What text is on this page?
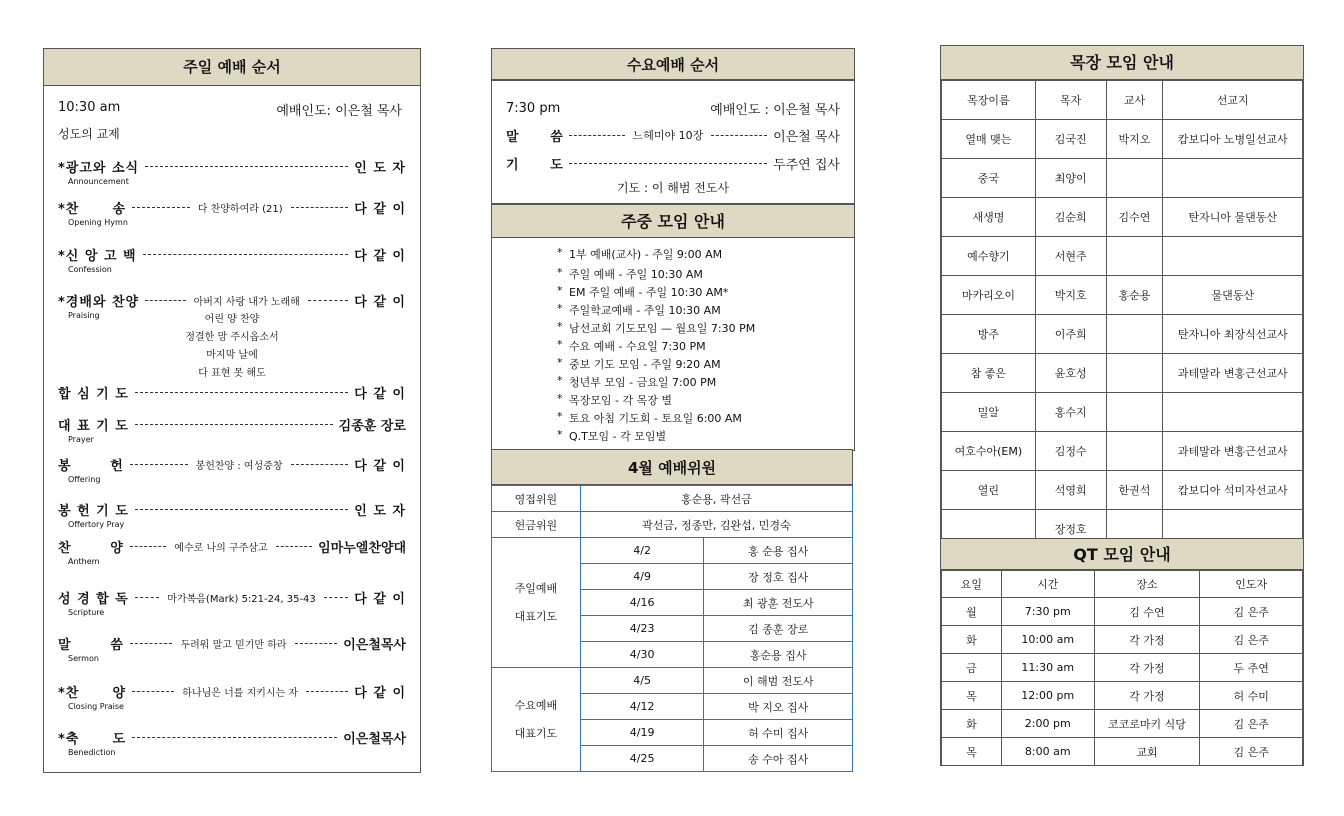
주일 예배 순서
10:30 am	예배인도: 이은철 목사
성도의 교제
*광고와 소식	인 도 자
Announcement
*찬      송	다 찬양하여라 (21)	다 같 이
Opening Hymn
*신 앙 고 백	다 같 이
Confession
*경배와 찬양	아버지 사랑 내가 노래해	다 같 이
Praising
합 심 기 도	다 같 이
대 표 기 도	김종훈 장로
Prayer
봉       헌	봉헌찬양 : 여성중창	다 같 이
Offering
봉 헌 기 도	인 도 자
Offertory Pray
찬       양	예수로 나의 구주삼고	임마누엘찬양대
Anthem
성 경 합 독	마가복음(Mark) 5:21-24, 35-43	다 같 이
Scripture
말       씀	두려워 말고 믿기만 하라	이은철목사
Sermon
*찬      양	하나님은 너를 지키시는 자	다 같 이
Closing Praise
*축      도	이은철목사
Benediction
어린 양 찬양
정결한 맘 주시옵소서
마지막 날에
다 표현 못 해도
수요예배 순서
7:30 pm	예배인도 : 이은철 목사
말       씀	느헤미야 10장	이은철 목사
기       도	두주연 집사
기도 : 이 해범 전도사
주중 모임 안내
* 1부 예배(교사) - 주일 9:00 AM
* 주일 예배 - 주일 10:30 AM
* EM 주일 예배 - 주일 10:30 AM*
* 주일학교예배 - 주일 10:30 AM
* 남선교회 기도모임 — 월요일 7:30 PM
* 수요 예배 - 수요일 7:30 PM
* 중보 기도 모임 - 주일 9:20 AM
* 청년부 모임 - 금요일 7:00 PM
* 목장모임 - 각 목장 별
* 토요 아침 기도회 - 토요일 6:00 AM
* Q.T모임 - 각 모임별
4월 예배위원
영접위원	홍순용, 곽선금	
헌금위원	곽선금, 정종만, 김완섭, 민경숙	

주일예배
대표기도	4/2	홍 순용 집사
	4/9	장 정호 집사
	4/16	최 광훈 전도사
	4/23	김 종훈 장로
	4/30	홍순용 집사

수요예배
대표기도	4/5	이 해범 전도사
	4/12	박 지오 집사
	4/19	허 수미 집사
	4/25	송 수아 집사
목장 모임 안내
목장이름	목자	교사	선교지
열매 맺는	김국진	박지오	캄보디아 노병일선교사
중국	최양이		
새생명	김순희	김수연	탄자니아 물댄동산
예수향기	서현주		
마카리오이	박지호	홍순용	물댄동산
방주	이주희		탄자니아 최장식선교사
참 좋은	윤호성		과테말라 변홍근선교사
밀알	홍수지		
여호수아(EM)	김정수		과테말라 변홍근선교사
열린	석영희	한권석	캄보디아 석미자선교사
	장정호		
QT 모임 안내
요일	시간	장소	인도자
월	7:30 pm	김 수연	김 은주
화	10:00 am	각 가정	김 은주
금	11:30 am	각 가정	두 주연
목	12:00 pm	각 가정	허 수미
화	2:00 pm	코코로마키 식당	김 은주
목	8:00 am	교회	김 은주
